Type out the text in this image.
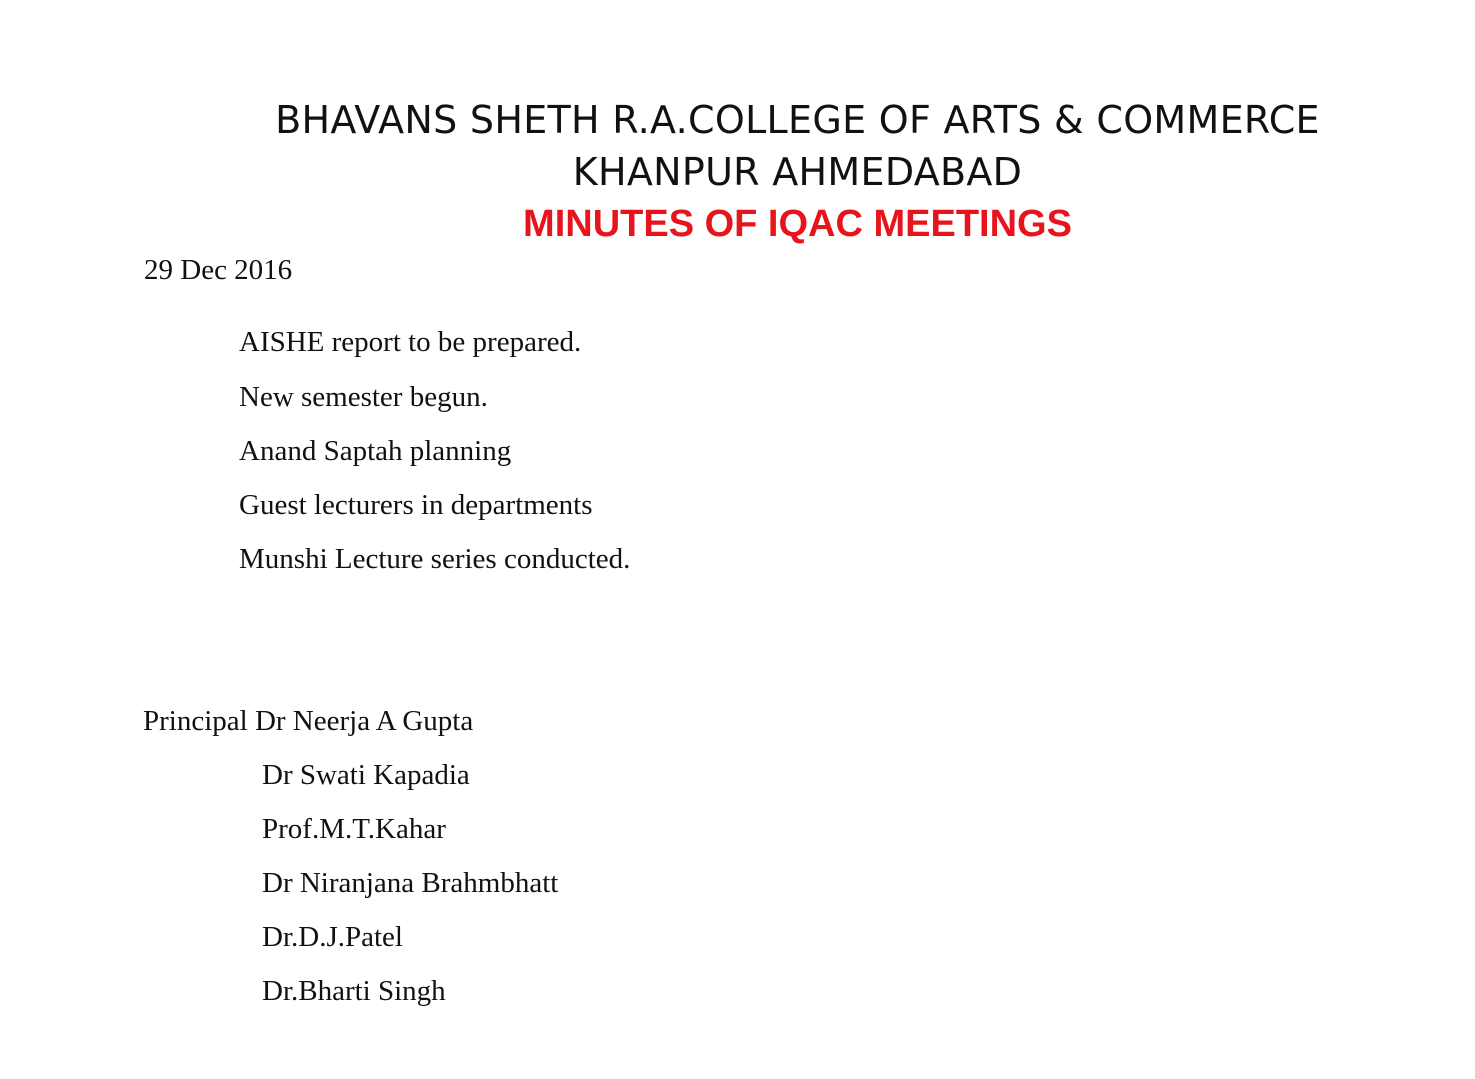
BHAVANS SHETH R.A.COLLEGE OF ARTS & COMMERCE
KHANPUR AHMEDABAD
MINUTES OF IQAC MEETINGS
29 Dec 2016
AISHE report to be prepared.
New semester begun.
Anand Saptah planning
Guest lecturers in departments
Munshi Lecture series conducted.
Principal Dr Neerja A Gupta
Dr Swati Kapadia
Prof.M.T.Kahar
Dr Niranjana Brahmbhatt
Dr.D.J.Patel
Dr.Bharti Singh
